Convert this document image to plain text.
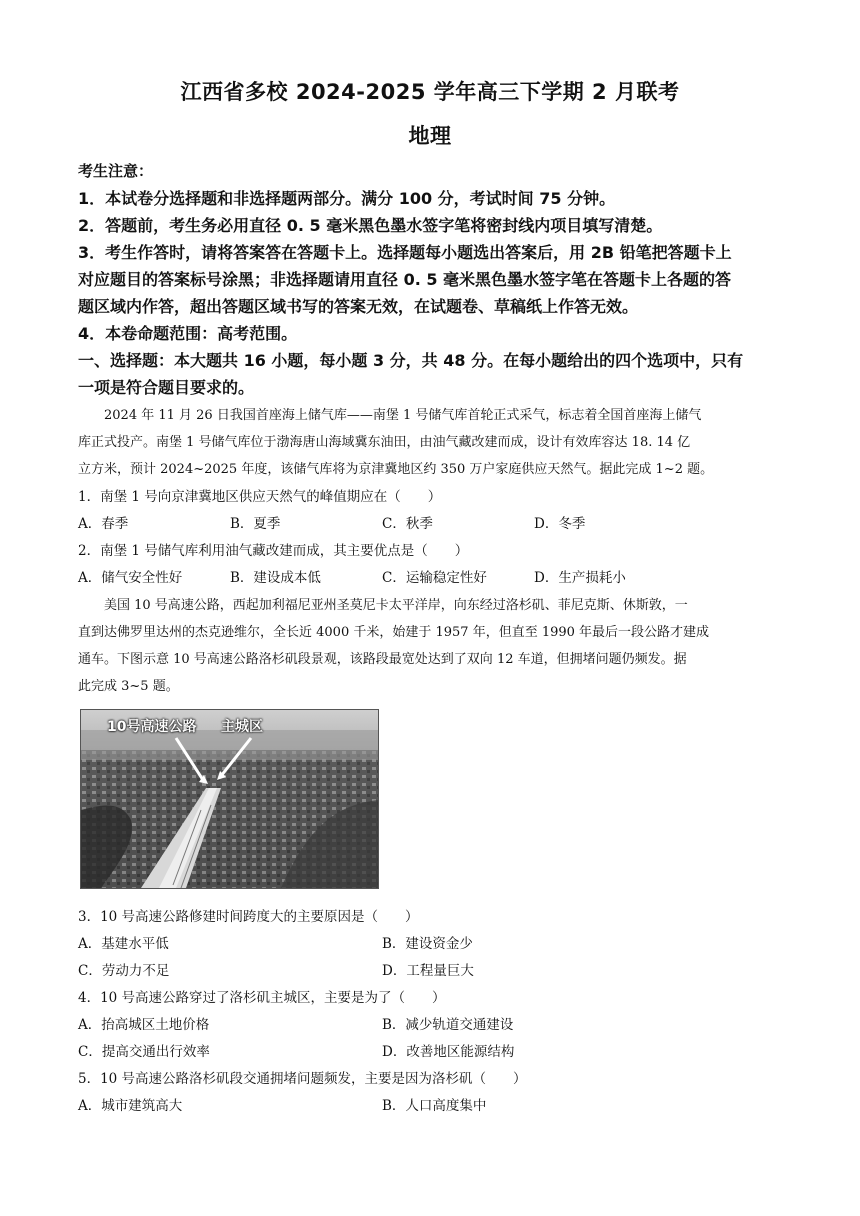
江西省多校 2024-2025 学年高三下学期 2 月联考
地理
考生注意：
1．本试卷分选择题和非选择题两部分。满分 100 分，考试时间 75 分钟。
2．答题前，考生务必用直径 0. 5 毫米黑色墨水签字笔将密封线内项目填写清楚。
3．考生作答时，请将答案答在答题卡上。选择题每小题选出答案后，用 2B 铅笔把答题卡上
对应题目的答案标号涂黑；非选择题请用直径 0. 5 毫米黑色墨水签字笔在答题卡上各题的答
题区域内作答，超出答题区域书写的答案无效，在试题卷、草稿纸上作答无效。
4．本卷命题范围：高考范围。
一、选择题：本大题共 16 小题，每小题 3 分，共 48 分。在每小题给出的四个选项中，只有
一项是符合题目要求的。
2024 年 11 月 26 日我国首座海上储气库——南堡 1 号储气库首轮正式采气，标志着全国首座海上储气
库正式投产。南堡 1 号储气库位于渤海唐山海域冀东油田，由油气藏改建而成，设计有效库容达 18. 14 亿
立方米，预计 2024~2025 年度，该储气库将为京津冀地区约 350 万户家庭供应天然气。据此完成 1~2 题。
1．南堡 1 号向京津冀地区供应天然气的峰值期应在（　　）
A．春季	B．夏季	C．秋季	D．冬季
2．南堡 1 号储气库利用油气藏改建而成，其主要优点是（　　）
A．储气安全性好	B．建设成本低	C．运输稳定性好	D．生产损耗小
美国 10 号高速公路，西起加利福尼亚州圣莫尼卡太平洋岸，向东经过洛杉矶、菲尼克斯、休斯敦，一
直到达佛罗里达州的杰克逊维尔，全长近 4000 千米，始建于 1957 年，但直至 1990 年最后一段公路才建成
通车。下图示意 10 号高速公路洛杉矶段景观，该路段最宽处达到了双向 12 车道，但拥堵问题仍频发。据
此完成 3~5 题。
10号高速公路 主城区
3．10 号高速公路修建时间跨度大的主要原因是（　　）
A．基建水平低	B．建设资金少
C．劳动力不足	D．工程量巨大
4．10 号高速公路穿过了洛杉矶主城区，主要是为了（　　）
A．抬高城区土地价格	B．减少轨道交通建设
C．提高交通出行效率	D．改善地区能源结构
5．10 号高速公路洛杉矶段交通拥堵问题频发，主要是因为洛杉矶（　　）
A．城市建筑高大	B．人口高度集中
